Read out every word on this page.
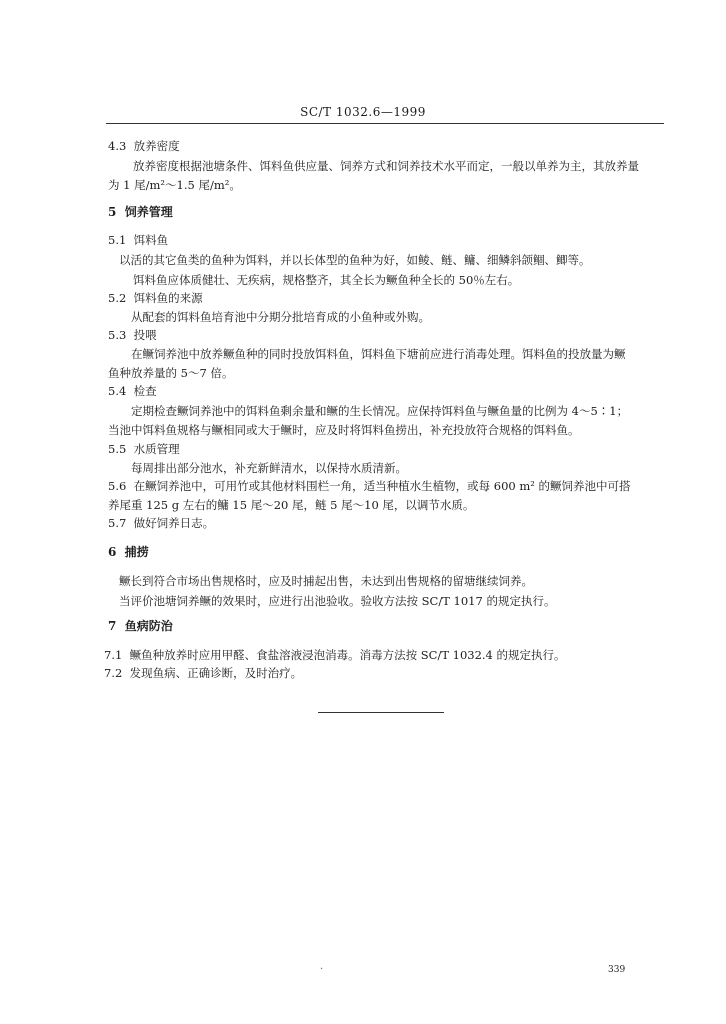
SC/T 1032.6—1999
4.3 放养密度
放养密度根据池塘条件、饵料鱼供应量、饲养方式和饲养技术水平而定，一般以单养为主，其放养量
为 1 尾/m²～1.5 尾/m²。
5 饲养管理
5.1 饵料鱼
以活的其它鱼类的鱼种为饵料，并以长体型的鱼种为好，如鲮、鲢、鳙、细鳞斜颌鲴、鲫等。
饵料鱼应体质健壮、无疾病，规格整齐，其全长为鳜鱼种全长的 50％左右。
5.2 饵料鱼的来源
从配套的饵料鱼培育池中分期分批培育成的小鱼种或外购。
5.3 投喂
在鳜饲养池中放养鳜鱼种的同时投放饵料鱼，饵料鱼下塘前应进行消毒处理。饵料鱼的投放量为鳜
鱼种放养量的 5～7 倍。
5.4 检查
定期检查鳜饲养池中的饵料鱼剩余量和鳜的生长情况。应保持饵料鱼与鳜鱼量的比例为 4～5∶1；
当池中饵料鱼规格与鳜相同或大于鳜时，应及时将饵料鱼捞出，补充投放符合规格的饵料鱼。
5.5 水质管理
每周排出部分池水，补充新鲜清水，以保持水质清新。
5.6 在鳜饲养池中，可用竹或其他材料围栏一角，适当种植水生植物，或每 600 m² 的鳜饲养池中可搭
养尾重 125 g 左右的鳙 15 尾～20 尾，鲢 5 尾～10 尾，以调节水质。
5.7 做好饲养日志。
6 捕捞
鳜长到符合市场出售规格时，应及时捕起出售，未达到出售规格的留塘继续饲养。
当评价池塘饲养鳜的效果时，应进行出池验收。验收方法按 SC/T 1017 的规定执行。
7 鱼病防治
7.1 鳜鱼种放养时应用甲醛、食盐溶液浸泡消毒。消毒方法按 SC/T 1032.4 的规定执行。
7.2 发现鱼病、正确诊断，及时治疗。
·	339
